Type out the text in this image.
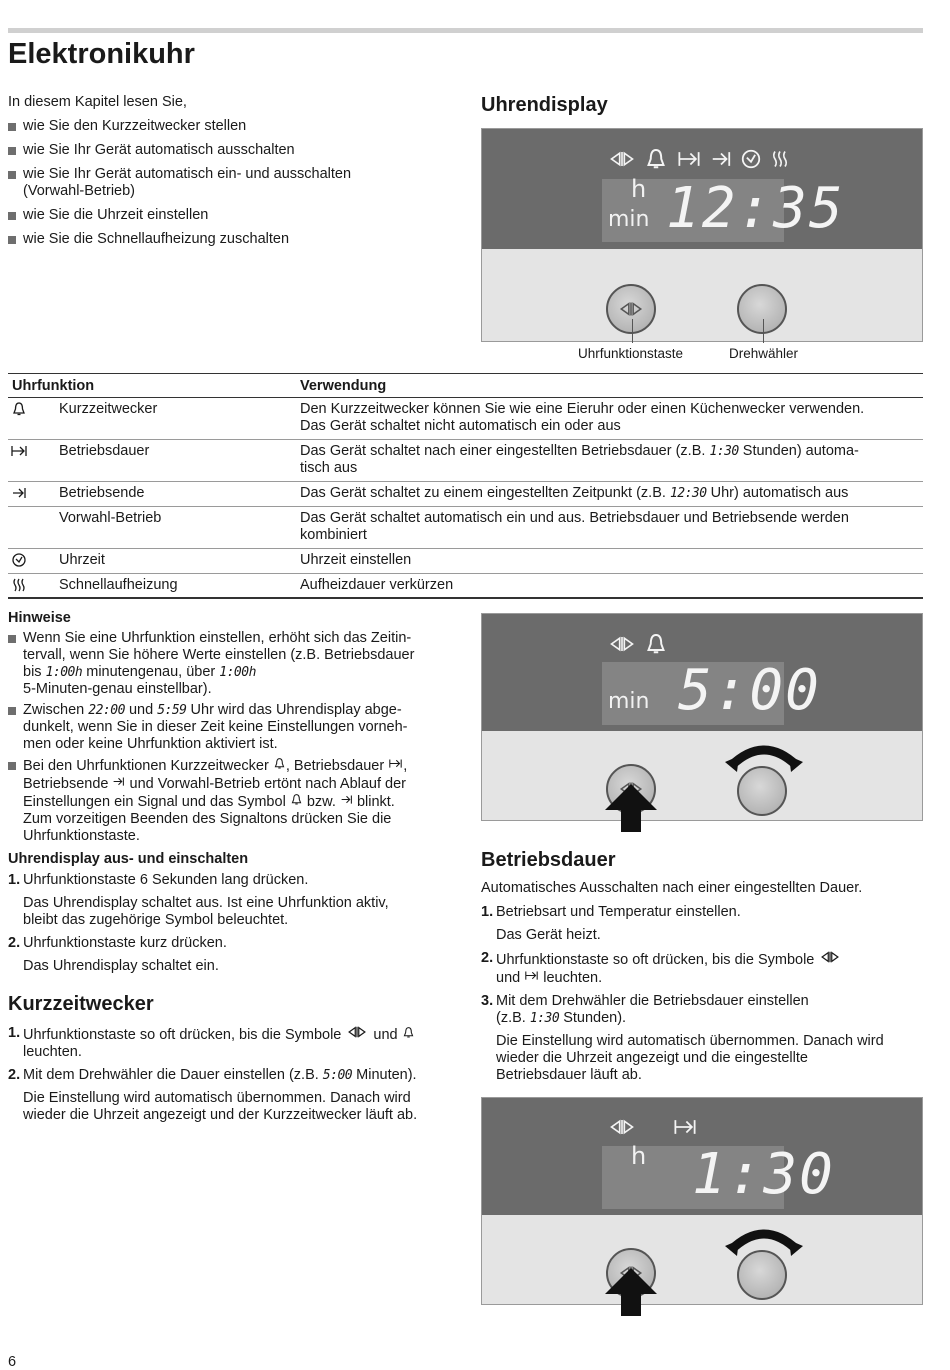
Elektronikuhr
In diesem Kapitel lesen Sie,
wie Sie den Kurzzeitwecker stellen
wie Sie Ihr Gerät automatisch ausschalten
wie Sie Ihr Gerät automatisch ein- und ausschalten
(Vorwahl-Betrieb)
wie Sie die Uhrzeit einstellen
wie Sie die Schnellaufheizung zuschalten
Uhrendisplay
h
min 12:35
Uhrfunktionstaste	Drehwähler
Uhrfunktion	Verwendung
Kurzzeitwecker	Den Kurzzeitwecker können Sie wie eine Eieruhr oder einen Küchenwecker verwenden.
Das Gerät schaltet nicht automatisch ein oder aus
Betriebsdauer	Das Gerät schaltet nach einer eingestellten Betriebsdauer (z.B. 1:30 Stunden) automa-
tisch aus
Betriebsende	Das Gerät schaltet zu einem eingestellten Zeitpunkt (z.B. 12:30 Uhr) automatisch aus
Vorwahl-Betrieb	Das Gerät schaltet automatisch ein und aus. Betriebsdauer und Betriebsende werden
kombiniert
Uhrzeit	Uhrzeit einstellen
Schnellaufheizung	Aufheizdauer verkürzen
Hinweise
Wenn Sie eine Uhrfunktion einstellen, erhöht sich das Zeitin-
tervall, wenn Sie höhere Werte einstellen (z.B. Betriebsdauer
bis 1:00h minutengenau, über 1:00h
5-Minuten-genau einstellbar).
Zwischen 22:00 und 5:59 Uhr wird das Uhrendisplay abge-
dunkelt, wenn Sie in dieser Zeit keine Einstellungen vorneh-
men oder keine Uhrfunktion aktiviert ist.
Bei den Uhrfunktionen Kurzzeitwecker , Betriebsdauer ,
Betriebsende und Vorwahl-Betrieb ertönt nach Ablauf der
Einstellungen ein Signal und das Symbol bzw. blinkt.
Zum vorzeitigen Beenden des Signaltons drücken Sie die
Uhrfunktionstaste.
Uhrendisplay aus- und einschalten
1. Uhrfunktionstaste 6 Sekunden lang drücken.
Das Uhrendisplay schaltet aus. Ist eine Uhrfunktion aktiv,
bleibt das zugehörige Symbol beleuchtet.
2. Uhrfunktionstaste kurz drücken.
Das Uhrendisplay schaltet ein.
Kurzzeitwecker
1. Uhrfunktionstaste so oft drücken, bis die Symbole und
leuchten.
2. Mit dem Drehwähler die Dauer einstellen (z.B. 5:00 Minuten).
Die Einstellung wird automatisch übernommen. Danach wird
wieder die Uhrzeit angezeigt und der Kurzzeitwecker läuft ab.
min 5:00
Betriebsdauer
Automatisches Ausschalten nach einer eingestellten Dauer.
1. Betriebsart und Temperatur einstellen.
Das Gerät heizt.
2. Uhrfunktionstaste so oft drücken, bis die Symbole
und leuchten.
3. Mit dem Drehwähler die Betriebsdauer einstellen
(z.B. 1:30 Stunden).
Die Einstellung wird automatisch übernommen. Danach wird
wieder die Uhrzeit angezeigt und die eingestellte
Betriebsdauer läuft ab.
h 1:30
6
